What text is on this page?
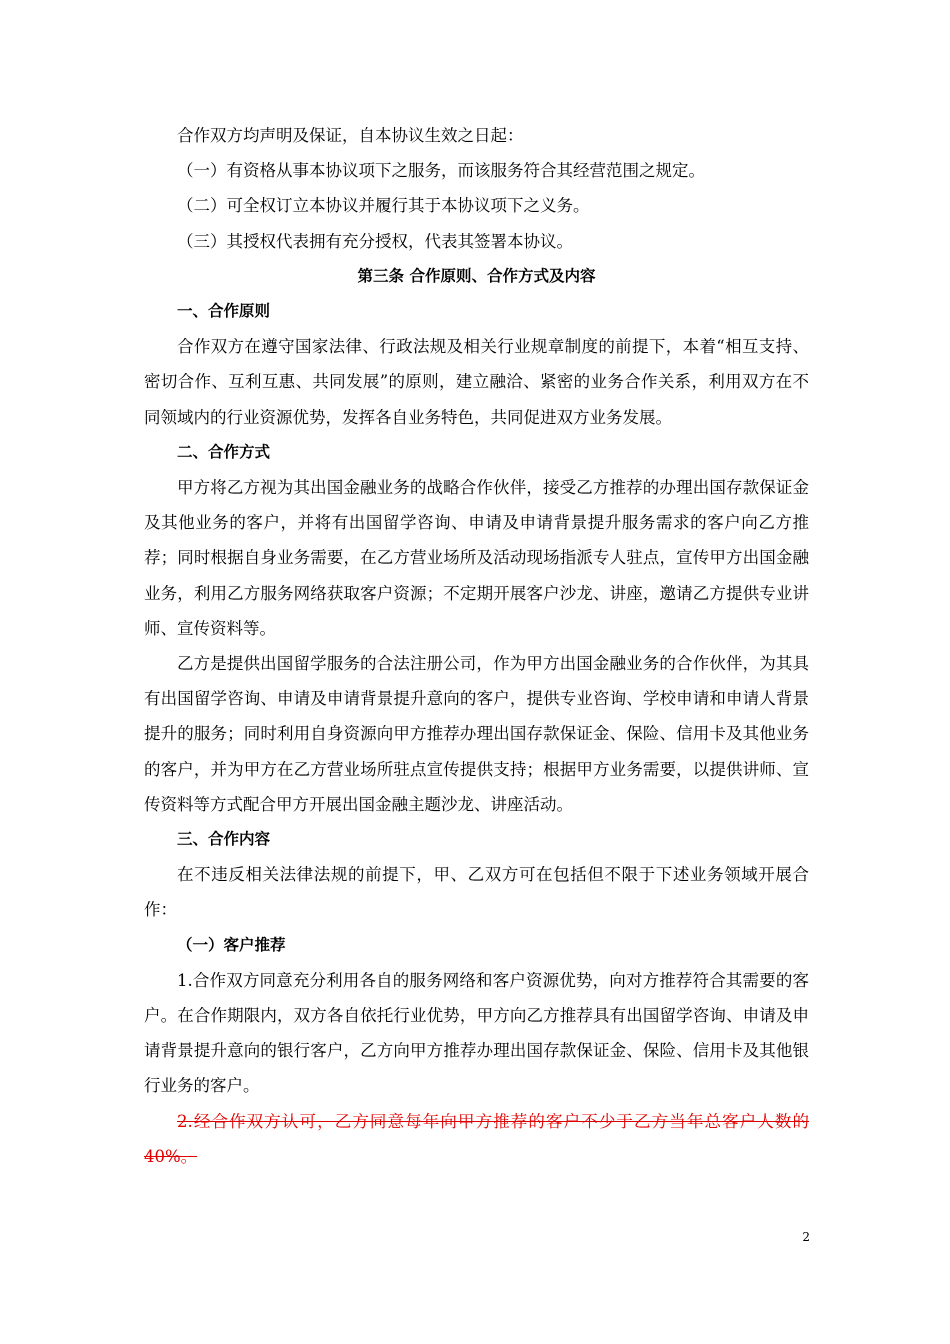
合作双方均声明及保证，自本协议生效之日起：

（一）有资格从事本协议项下之服务，而该服务符合其经营范围之规定。

（二）可全权订立本协议并履行其于本协议项下之义务。

（三）其授权代表拥有充分授权，代表其签署本协议。

第三条 合作原则、合作方式及内容

一、合作原则

合作双方在遵守国家法律、行政法规及相关行业规章制度的前提下，本着“相互支持、密切合作、互利互惠、共同发展”的原则，建立融洽、紧密的业务合作关系，利用双方在不同领域内的行业资源优势，发挥各自业务特色，共同促进双方业务发展。

二、合作方式

甲方将乙方视为其出国金融业务的战略合作伙伴，接受乙方推荐的办理出国存款保证金及其他业务的客户，并将有出国留学咨询、申请及申请背景提升服务需求的客户向乙方推荐；同时根据自身业务需要，在乙方营业场所及活动现场指派专人驻点，宣传甲方出国金融业务，利用乙方服务网络获取客户资源；不定期开展客户沙龙、讲座，邀请乙方提供专业讲师、宣传资料等。

乙方是提供出国留学服务的合法注册公司，作为甲方出国金融业务的合作伙伴，为其具有出国留学咨询、申请及申请背景提升意向的客户，提供专业咨询、学校申请和申请人背景提升的服务；同时利用自身资源向甲方推荐办理出国存款保证金、保险、信用卡及其他业务的客户，并为甲方在乙方营业场所驻点宣传提供支持；根据甲方业务需要，以提供讲师、宣传资料等方式配合甲方开展出国金融主题沙龙、讲座活动。

三、合作内容

在不违反相关法律法规的前提下，甲、乙双方可在包括但不限于下述业务领域开展合作：

（一）客户推荐

1.合作双方同意充分利用各自的服务网络和客户资源优势，向对方推荐符合其需要的客户。在合作期限内，双方各自依托行业优势，甲方向乙方推荐具有出国留学咨询、申请及申请背景提升意向的银行客户，乙方向甲方推荐办理出国存款保证金、保险、信用卡及其他银行业务的客户。

2.经合作双方认可，乙方同意每年向甲方推荐的客户不少于乙方当年总客户人数的40%。

2
